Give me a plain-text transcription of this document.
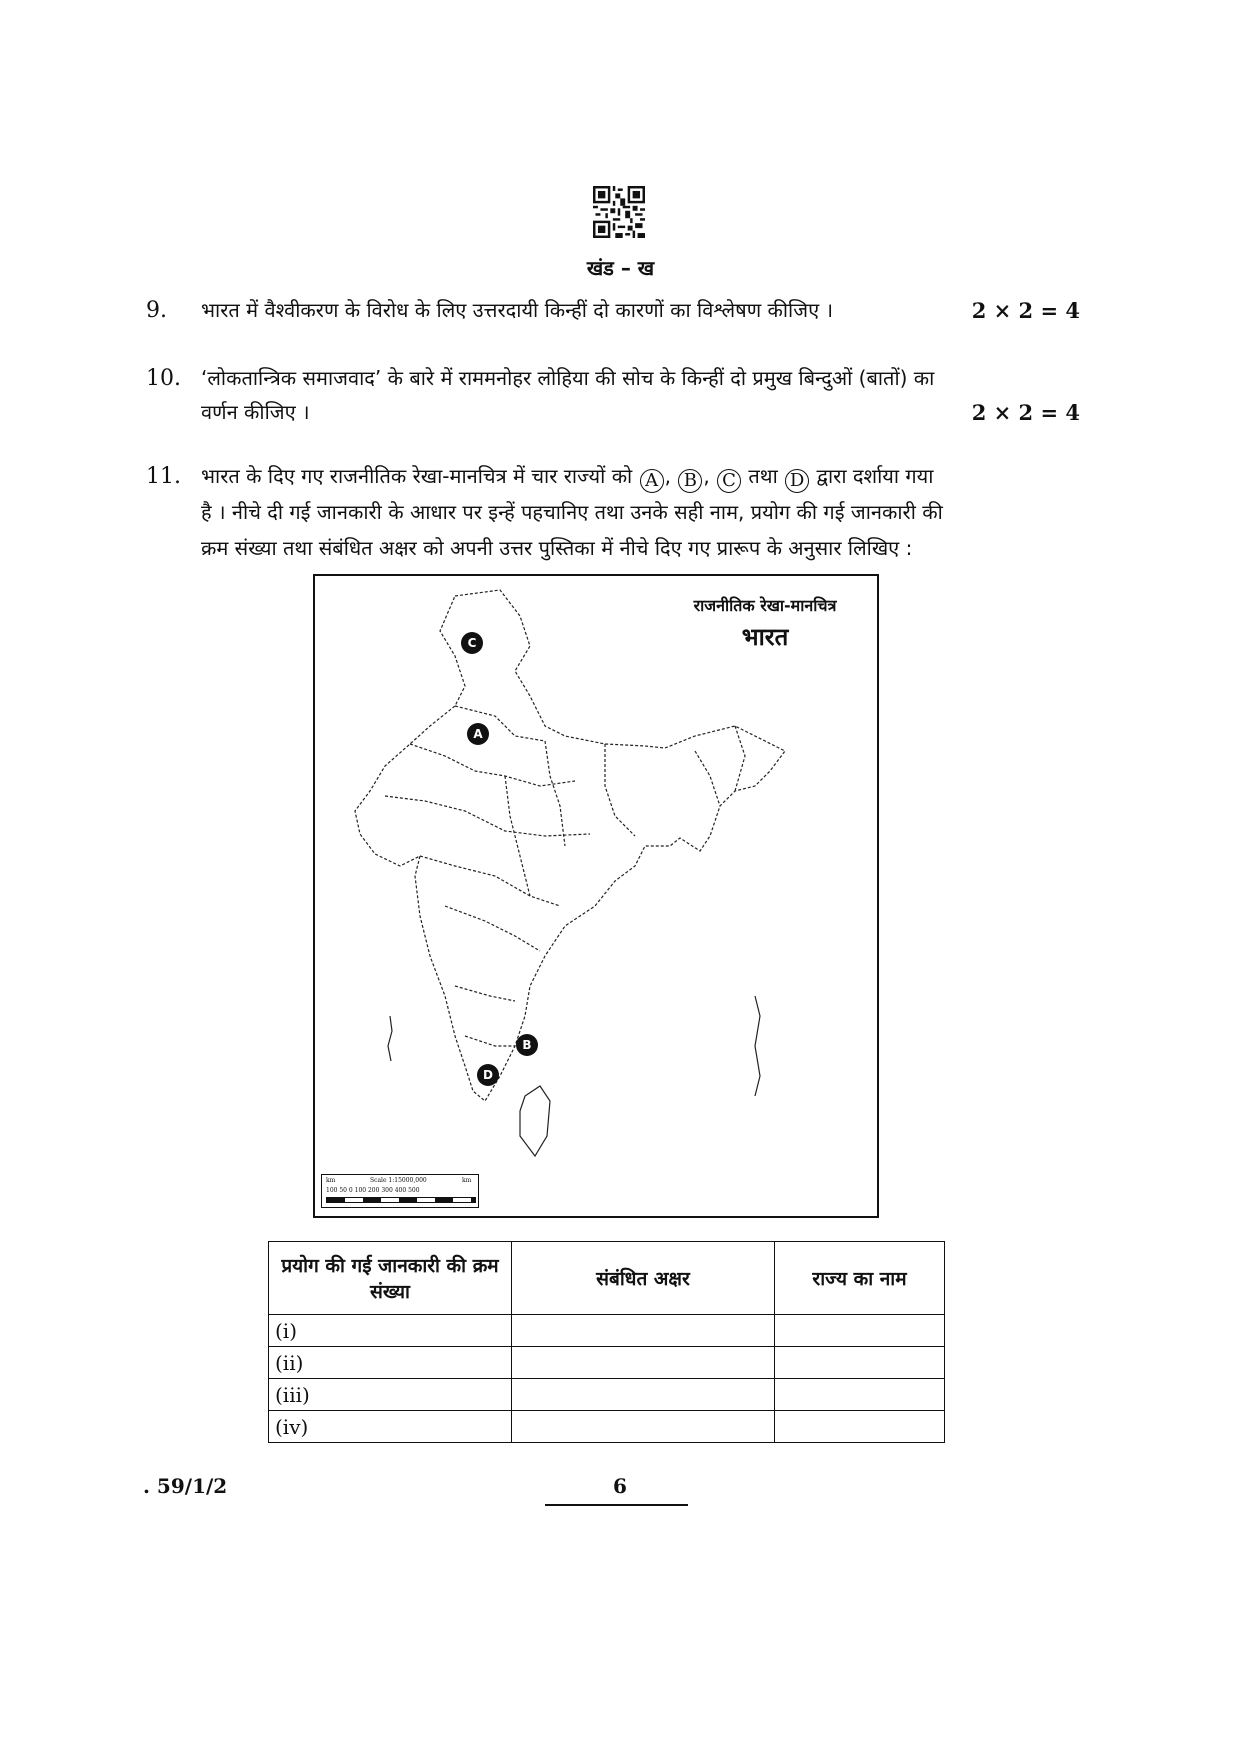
खंड – ख
9. भारत में वैश्वीकरण के विरोध के लिए उत्तरदायी किन्हीं दो कारणों का विश्लेषण कीजिए ।	2 × 2 = 4
10. ‘लोकतान्त्रिक समाजवाद’ के बारे में राममनोहर लोहिया की सोच के किन्हीं दो प्रमुख बिन्दुओं (बातों) का
वर्णन कीजिए ।	2 × 2 = 4
11. भारत के दिए गए राजनीतिक रेखा-मानचित्र में चार राज्यों को A , B , C तथा D द्वारा दर्शाया गया
है । नीचे दी गई जानकारी के आधार पर इन्हें पहचानिए तथा उनके सही नाम, प्रयोग की गई जानकारी की
क्रम संख्या तथा संबंधित अक्षर को अपनी उत्तर पुस्तिका में नीचे दिए गए प्रारूप के अनुसार लिखिए :
राजनीतिक रेखा-मानचित्र
भारत
C
A
B
D
km	Scale 1:15000,000	km
100 50 0 100 200 300 400 500
प्रयोग की गई जानकारी की क्रम संख्या	संबंधित अक्षर	राज्य का नाम
(i)		
(ii)		
(iii)		
(iv)		
. 59/1/2	6
